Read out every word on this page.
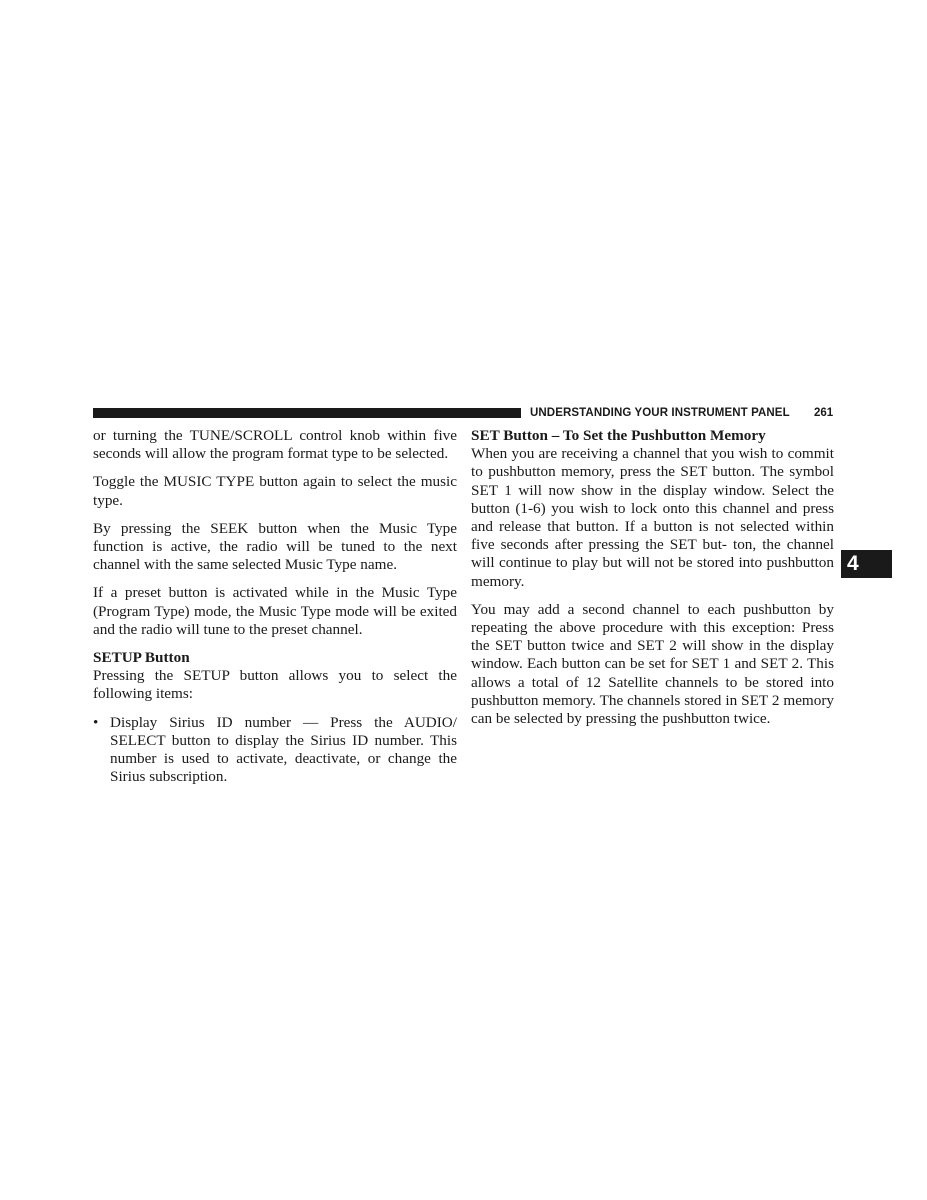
UNDERSTANDING YOUR INSTRUMENT PANEL 261
4

or turning the TUNE/SCROLL control knob within five seconds will allow the program format type to be selected.

Toggle the MUSIC TYPE button again to select the music type.

By pressing the SEEK button when the Music Type function is active, the radio will be tuned to the next channel with the same selected Music Type name.

If a preset button is activated while in the Music Type (Program Type) mode, the Music Type mode will be exited and the radio will tune to the preset channel.

SETUP Button

Pressing the SETUP button allows you to select the following items:

• Display Sirius ID number — Press the AUDIO/ SELECT button to display the Sirius ID number. This number is used to activate, deactivate, or change the Sirius subscription.

SET Button – To Set the Pushbutton Memory

When you are receiving a channel that you wish to commit to pushbutton memory, press the SET button. The symbol SET 1 will now show in the display window. Select the button (1-6) you wish to lock onto this channel and press and release that button. If a button is not selected within five seconds after pressing the SET but- ton, the channel will continue to play but will not be stored into pushbutton memory.

You may add a second channel to each pushbutton by repeating the above procedure with this exception: Press the SET button twice and SET 2 will show in the display window. Each button can be set for SET 1 and SET 2. This allows a total of 12 Satellite channels to be stored into pushbutton memory. The channels stored in SET 2 memory can be selected by pressing the pushbutton twice.
